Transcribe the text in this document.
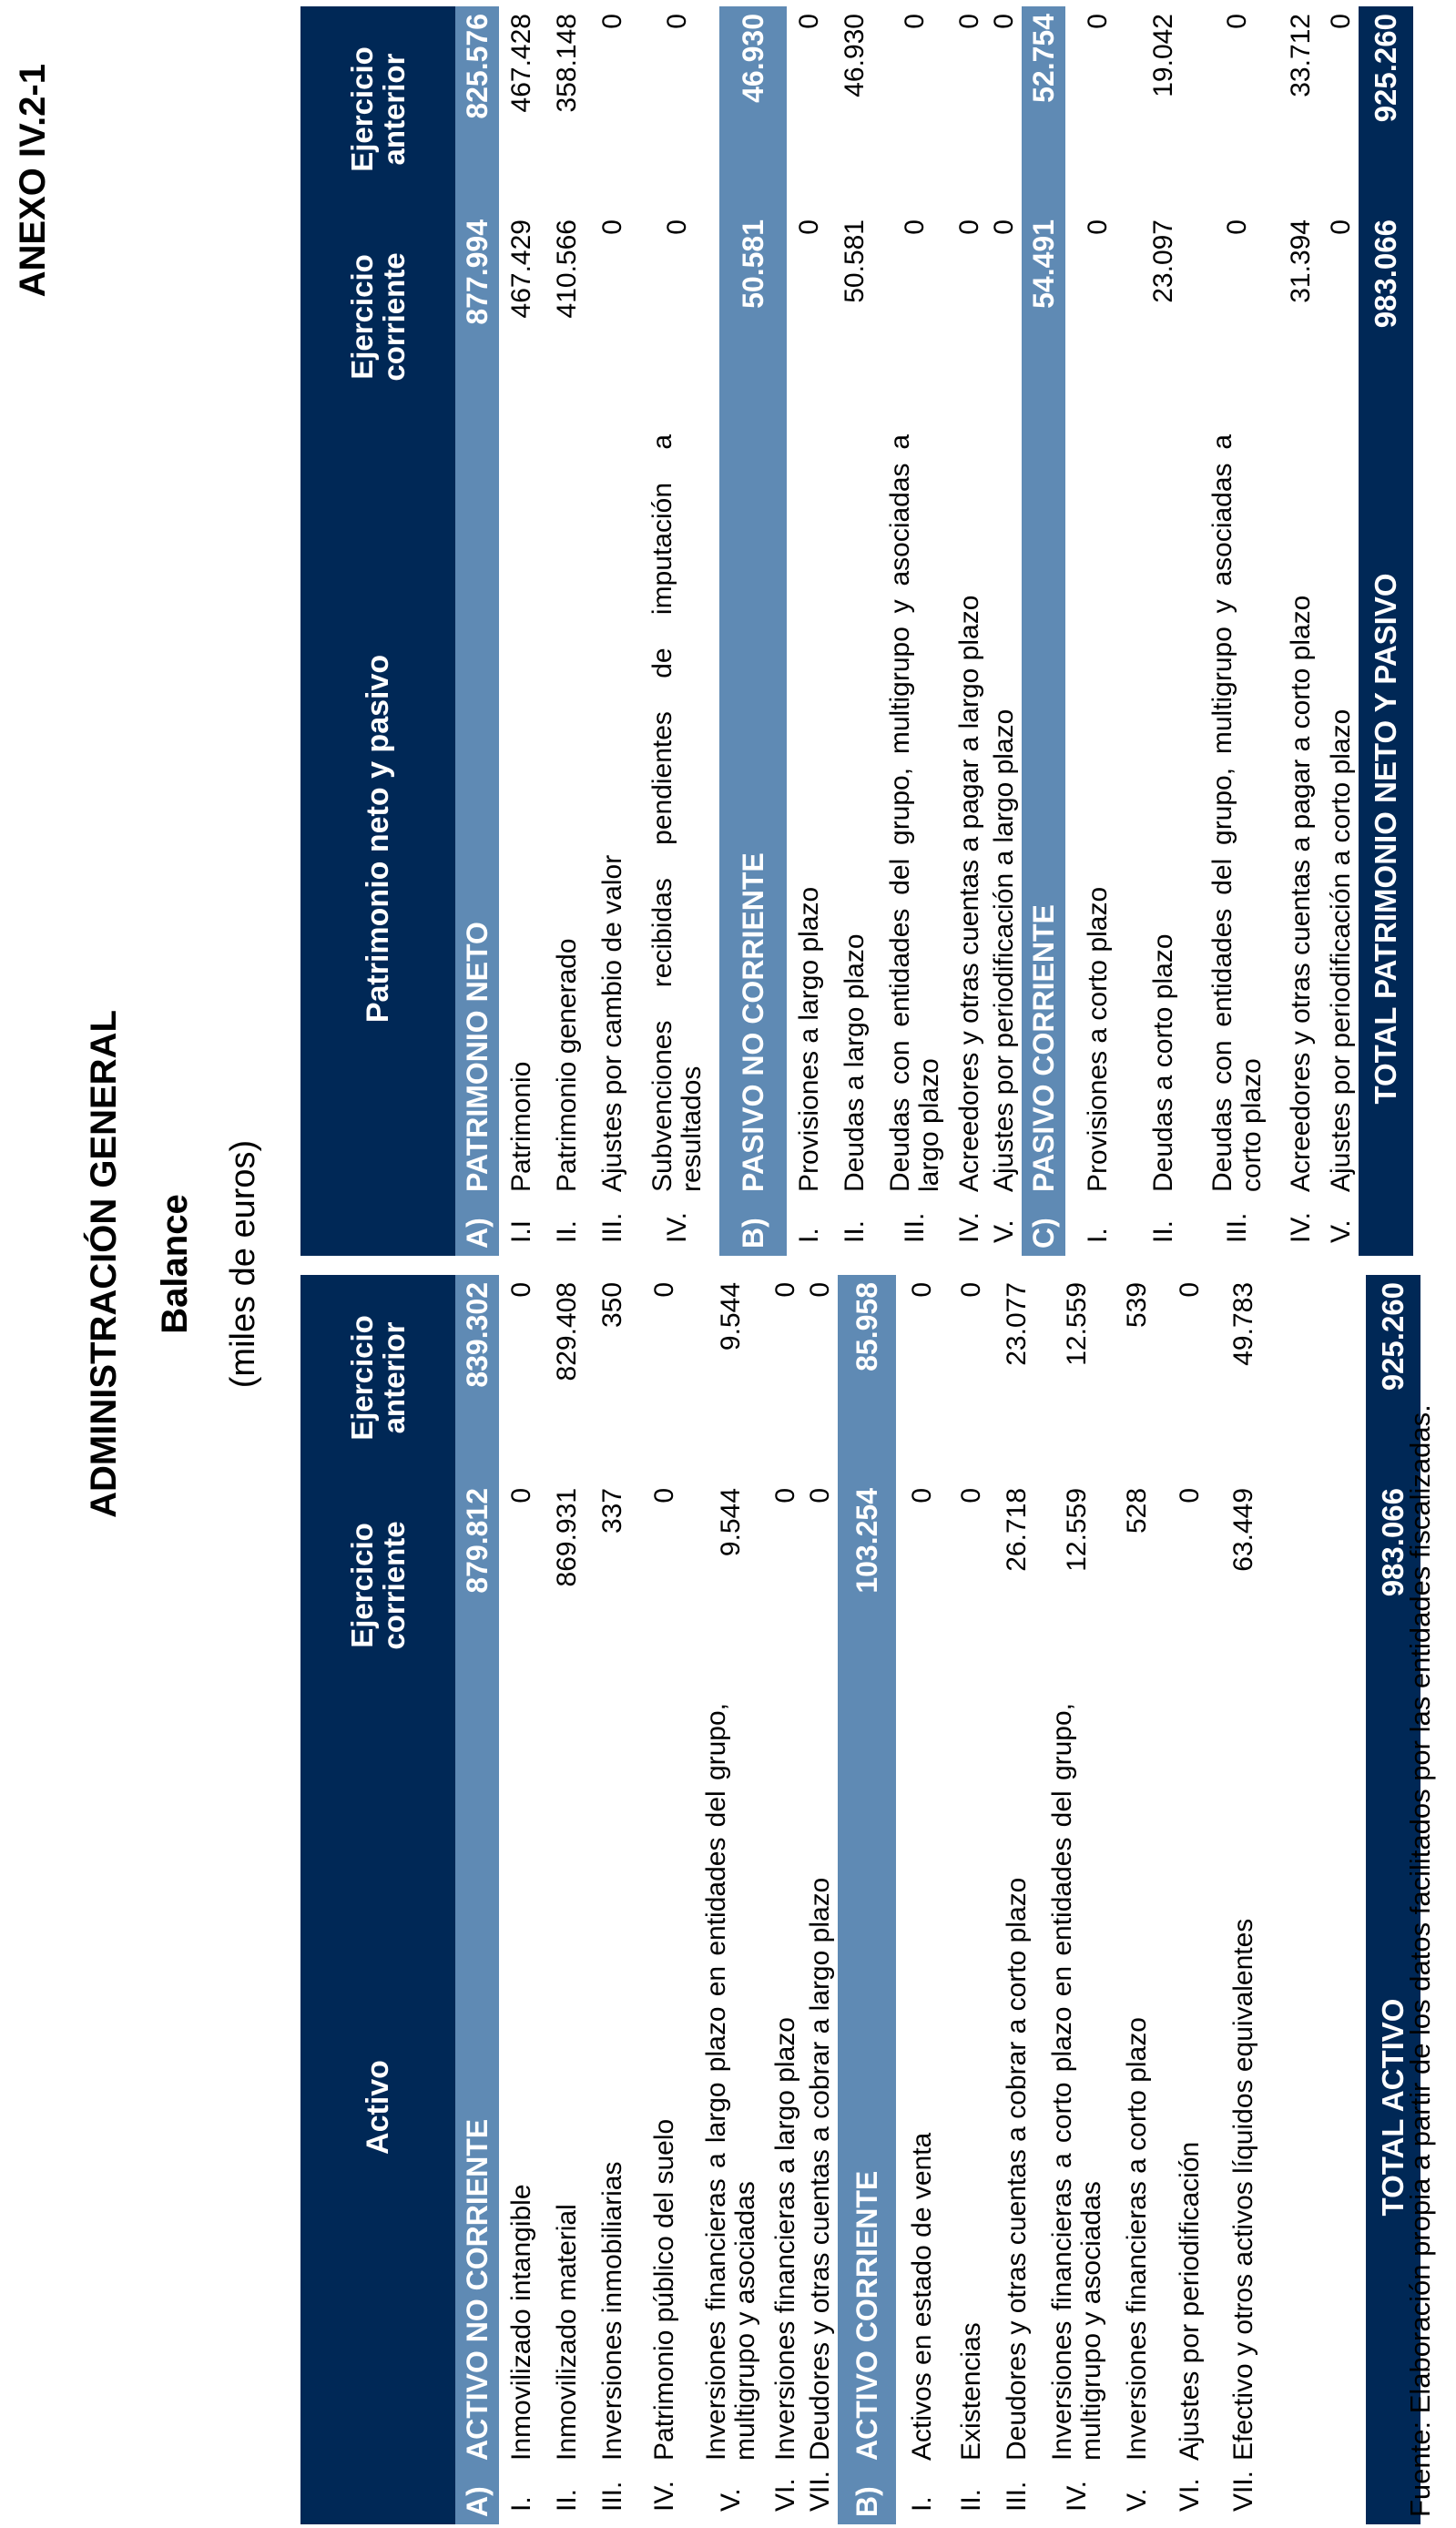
ANEXO IV.2-1
ADMINISTRACIÓN GENERAL Balance (miles de euros)
Activo		Ejercicio corriente	Ejercicio anterior
A)	ACTIVO NO CORRIENTE	879.812	839.302
I.	Inmovilizado intangible	0	0
II.	Inmovilizado material	869.931	829.408
III.	Inversiones inmobiliarias	337	350
IV.	Patrimonio público del suelo	0	0
V.	Inversiones financieras a largo plazo en entidades del grupo, multigrupo y asociadas	9.544	9.544
VI.	Inversiones financieras a largo plazo	0	0
VII.	Deudores y otras cuentas a cobrar a largo plazo	0	0
B)	ACTIVO CORRIENTE	103.254	85.958
I.	Activos en estado de venta	0	0
II.	Existencias	0	0
III.	Deudores y otras cuentas a cobrar a corto plazo	26.718	23.077
IV.	Inversiones financieras a corto plazo en entidades del grupo, multigrupo y asociadas	12.559	12.559
V.	Inversiones financieras a corto plazo	528	539
VI.	Ajustes por periodificación	0	0
VII.	Efectivo y otros activos líquidos equivalentes	63.449	49.783
TOTAL ACTIVO		983.066	925.260
Patrimonio neto y pasivo		Ejercicio corriente	Ejercicio anterior
A)	PATRIMONIO NETO	877.994	825.576
I.I	Patrimonio	467.429	467.428
II.	Patrimonio generado	410.566	358.148
III.	Ajustes por cambio de valor	0	0
IV.	Subvenciones recibidas pendientes de imputación a resultados	0	0
B)	PASIVO NO CORRIENTE	50.581	46.930
I.	Provisiones a largo plazo	0	0
II.	Deudas a largo plazo	50.581	46.930
III.	Deudas con entidades del grupo, multigrupo y asociadas a largo plazo	0	0
IV.	Acreedores y otras cuentas a pagar a largo plazo	0	0
V.	Ajustes por periodificación a largo plazo	0	0
C)	PASIVO CORRIENTE	54.491	52.754
I.	Provisiones a corto plazo	0	0
II.	Deudas a corto plazo	23.097	19.042
III.	Deudas con entidades del grupo, multigrupo y asociadas a corto plazo	0	0
IV.	Acreedores y otras cuentas a pagar a corto plazo	31.394	33.712
V.	Ajustes por periodificación a corto plazo	0	0
TOTAL PATRIMONIO NETO Y PASIVO		983.066	925.260
Fuente: Elaboración propia a partir de los datos facilitados por las entidades fiscalizadas.
